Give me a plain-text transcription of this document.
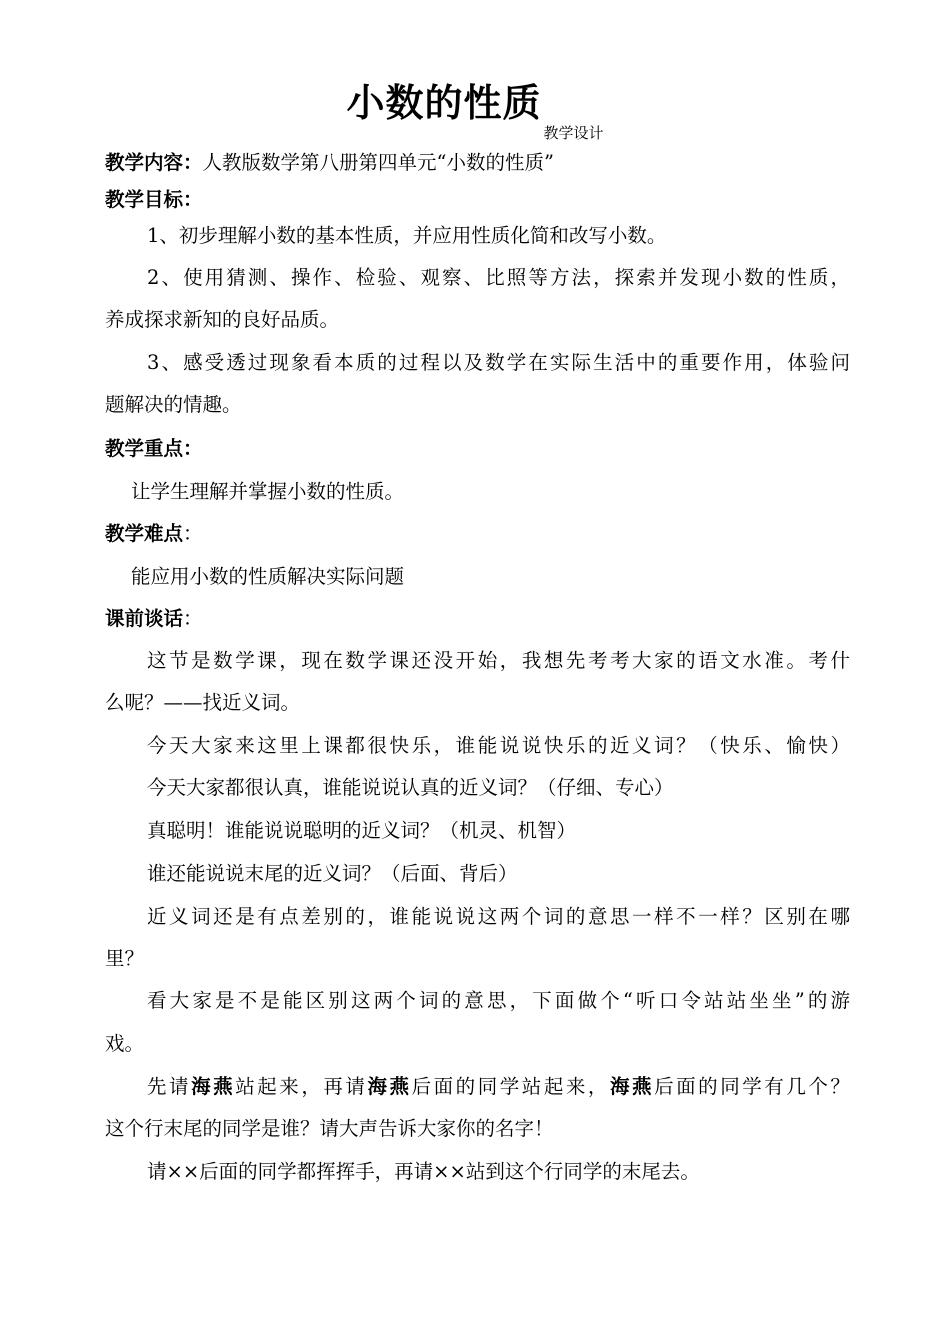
小数的性质教学设计
教学内容：人教版数学第八册第四单元“小数的性质”
教学目标：
1、初步理解小数的基本性质，并应用性质化简和改写小数。
2、使用猜测、操作、检验、观察、比照等方法，探索并发现小数的性质，
养成探求新知的良好品质。
3、感受透过现象看本质的过程以及数学在实际生活中的重要作用，体验问
题解决的情趣。
教学重点：
让学生理解并掌握小数的性质。
教学难点：
能应用小数的性质解决实际问题
课前谈话：
这节是数学课，现在数学课还没开始，我想先考考大家的语文水准。考什
么呢？——找近义词。
今天大家来这里上课都很快乐，谁能说说快乐的近义词？（快乐、愉快）
今天大家都很认真，谁能说说认真的近义词？（仔细、专心）
真聪明！谁能说说聪明的近义词？（机灵、机智）
谁还能说说末尾的近义词？（后面、背后）
近义词还是有点差别的，谁能说说这两个词的意思一样不一样？区别在哪
里？
看大家是不是能区别这两个词的意思，下面做个“听口令站站坐坐”的游
戏。
先请海燕站起来，再请海燕后面的同学站起来，海燕后面的同学有几个？
这个行末尾的同学是谁？请大声告诉大家你的名字！
请××后面的同学都挥挥手，再请××站到这个行同学的末尾去。
